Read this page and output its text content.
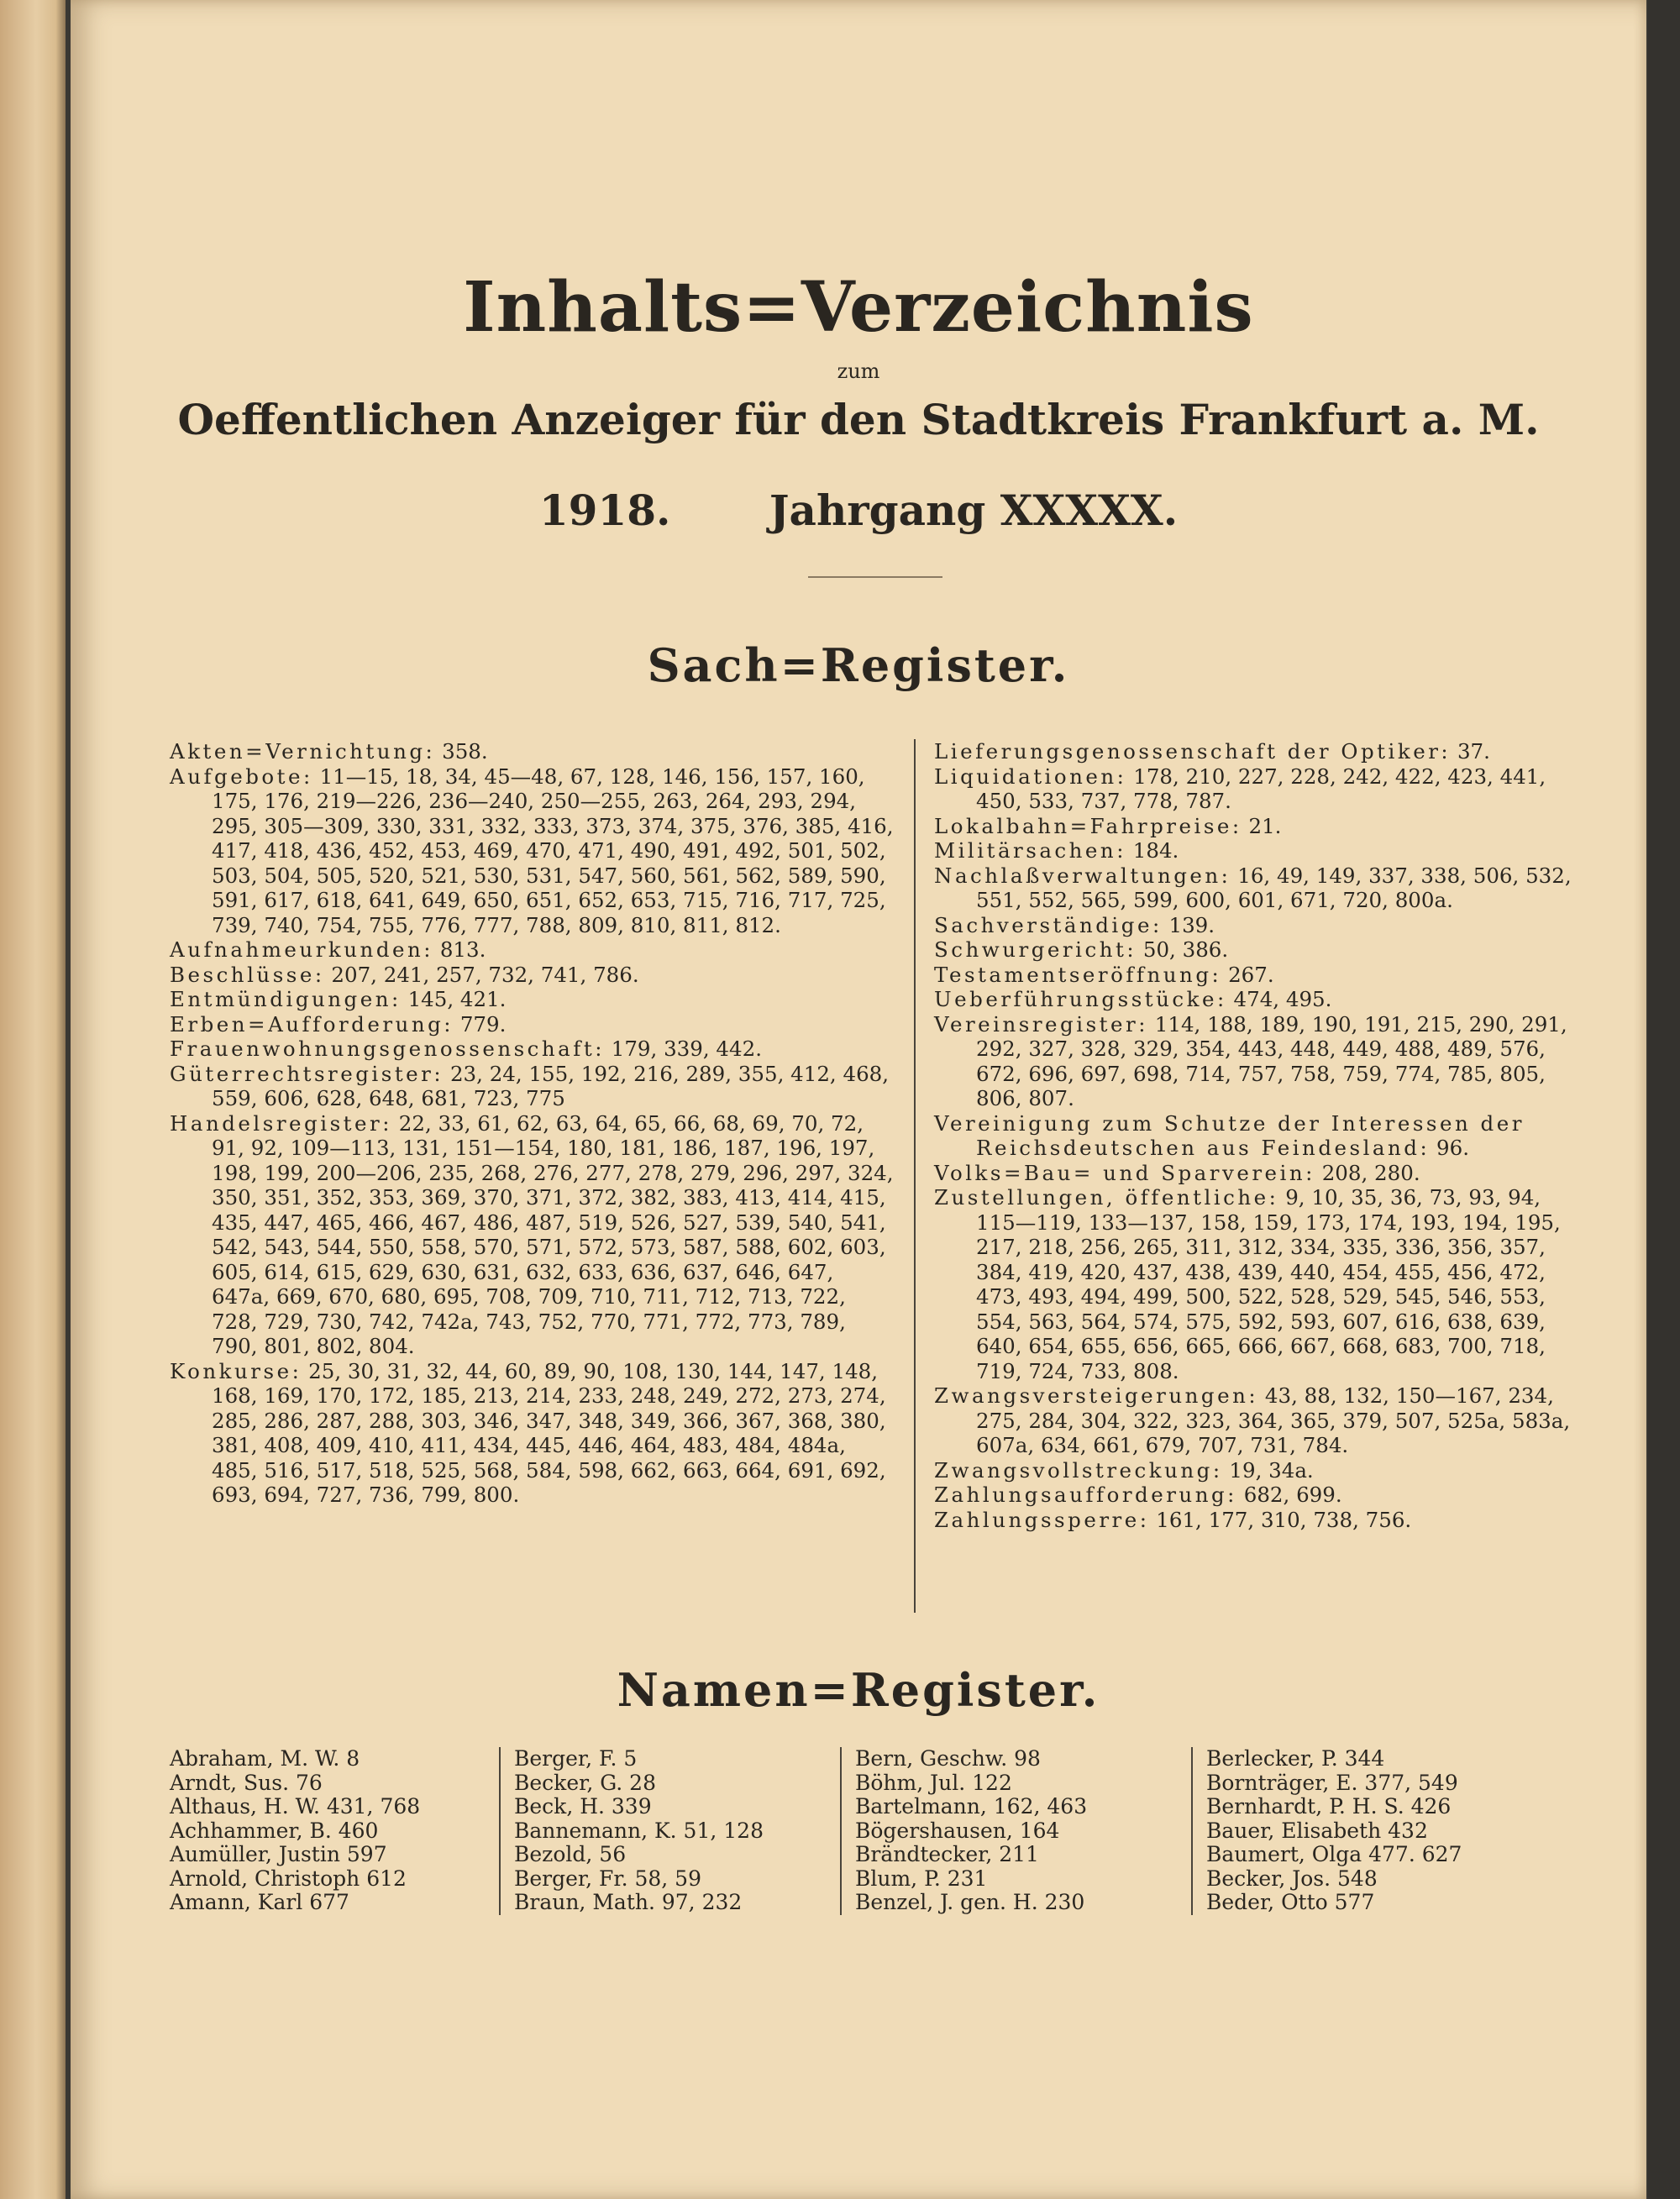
Inhalts=Verzeichnis
zum
Oeffentlichen Anzeiger für den Stadtkreis Frankfurt a. M.
1918. Jahrgang XXXXX.
Sach=Register.
Akten=Vernichtung: 358.
Aufgebote: 11—15, 18, 34, 45—48, 67, 128, 146, 156, 157, 160, 175, 176, 219—226, 236—240, 250—255, 263, 264, 293, 294, 295, 305—309, 330, 331, 332, 333, 373, 374, 375, 376, 385, 416, 417, 418, 436, 452, 453, 469, 470, 471, 490, 491, 492, 501, 502, 503, 504, 505, 520, 521, 530, 531, 547, 560, 561, 562, 589, 590, 591, 617, 618, 641, 649, 650, 651, 652, 653, 715, 716, 717, 725, 739, 740, 754, 755, 776, 777, 788, 809, 810, 811, 812.
Aufnahmeurkunden: 813.
Beschlüsse: 207, 241, 257, 732, 741, 786.
Entmündigungen: 145, 421.
Erben=Aufforderung: 779.
Frauenwohnungsgenossenschaft: 179, 339, 442.
Güterrechtsregister: 23, 24, 155, 192, 216, 289, 355, 412, 468, 559, 606, 628, 648, 681, 723, 775
Handelsregister: 22, 33, 61, 62, 63, 64, 65, 66, 68, 69, 70, 72, 91, 92, 109—113, 131, 151—154, 180, 181, 186, 187, 196, 197, 198, 199, 200—206, 235, 268, 276, 277, 278, 279, 296, 297, 324, 350, 351, 352, 353, 369, 370, 371, 372, 382, 383, 413, 414, 415, 435, 447, 465, 466, 467, 486, 487, 519, 526, 527, 539, 540, 541, 542, 543, 544, 550, 558, 570, 571, 572, 573, 587, 588, 602, 603, 605, 614, 615, 629, 630, 631, 632, 633, 636, 637, 646, 647, 647a, 669, 670, 680, 695, 708, 709, 710, 711, 712, 713, 722, 728, 729, 730, 742, 742a, 743, 752, 770, 771, 772, 773, 789, 790, 801, 802, 804.
Konkurse: 25, 30, 31, 32, 44, 60, 89, 90, 108, 130, 144, 147, 148, 168, 169, 170, 172, 185, 213, 214, 233, 248, 249, 272, 273, 274, 285, 286, 287, 288, 303, 346, 347, 348, 349, 366, 367, 368, 380, 381, 408, 409, 410, 411, 434, 445, 446, 464, 483, 484, 484a, 485, 516, 517, 518, 525, 568, 584, 598, 662, 663, 664, 691, 692, 693, 694, 727, 736, 799, 800.
Lieferungsgenossenschaft der Optiker: 37.
Liquidationen: 178, 210, 227, 228, 242, 422, 423, 441, 450, 533, 737, 778, 787.
Lokalbahn=Fahrpreise: 21.
Militärsachen: 184.
Nachlaßverwaltungen: 16, 49, 149, 337, 338, 506, 532, 551, 552, 565, 599, 600, 601, 671, 720, 800a.
Sachverständige: 139.
Schwurgericht: 50, 386.
Testamentseröffnung: 267.
Ueberführungsstücke: 474, 495.
Vereinsregister: 114, 188, 189, 190, 191, 215, 290, 291, 292, 327, 328, 329, 354, 443, 448, 449, 488, 489, 576, 672, 696, 697, 698, 714, 757, 758, 759, 774, 785, 805, 806, 807.
Vereinigung zum Schutze der Interessen der Reichsdeutschen aus Feindesland: 96.
Volks=Bau= und Sparverein: 208, 280.
Zustellungen, öffentliche: 9, 10, 35, 36, 73, 93, 94, 115—119, 133—137, 158, 159, 173, 174, 193, 194, 195, 217, 218, 256, 265, 311, 312, 334, 335, 336, 356, 357, 384, 419, 420, 437, 438, 439, 440, 454, 455, 456, 472, 473, 493, 494, 499, 500, 522, 528, 529, 545, 546, 553, 554, 563, 564, 574, 575, 592, 593, 607, 616, 638, 639, 640, 654, 655, 656, 665, 666, 667, 668, 683, 700, 718, 719, 724, 733, 808.
Zwangsversteigerungen: 43, 88, 132, 150—167, 234, 275, 284, 304, 322, 323, 364, 365, 379, 507, 525a, 583a, 607a, 634, 661, 679, 707, 731, 784.
Zwangsvollstreckung: 19, 34a.
Zahlungsaufforderung: 682, 699.
Zahlungssperre: 161, 177, 310, 738, 756.
Namen=Register.
Abraham, M. W. 8
Arndt, Sus. 76
Althaus, H. W. 431, 768
Achhammer, B. 460
Aumüller, Justin 597
Arnold, Christoph 612
Amann, Karl 677
Berger, F. 5
Becker, G. 28
Beck, H. 339
Bannemann, K. 51, 128
Bezold, 56
Berger, Fr. 58, 59
Braun, Math. 97, 232
Bern, Geschw. 98
Böhm, Jul. 122
Bartelmann, 162, 463
Bögershausen, 164
Brändtecker, 211
Blum, P. 231
Benzel, J. gen. H. 230
Berlecker, P. 344
Bornträger, E. 377, 549
Bernhardt, P. H. S. 426
Bauer, Elisabeth 432
Baumert, Olga 477. 627
Becker, Jos. 548
Beder, Otto 577
